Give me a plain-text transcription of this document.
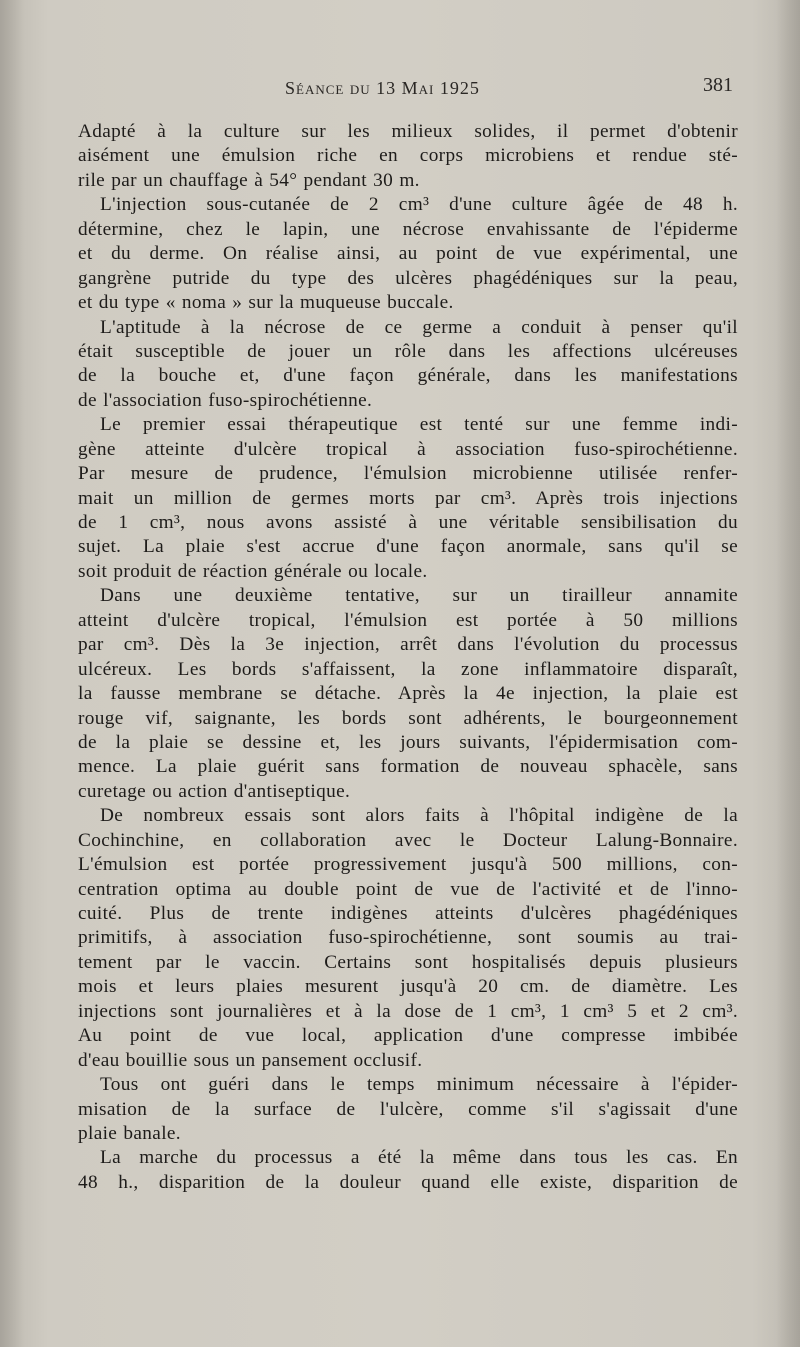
Séance du 13 Mai 1925	381
Adapté à la culture sur les milieux solides, il permet d'obtenir
aisément une émulsion riche en corps microbiens et rendue sté-
rile par un chauffage à 54° pendant 30 m.
L'injection sous-cutanée de 2 cm³ d'une culture âgée de 48 h.
détermine, chez le lapin, une nécrose envahissante de l'épiderme
et du derme. On réalise ainsi, au point de vue expérimental, une
gangrène putride du type des ulcères phagédéniques sur la peau,
et du type « noma » sur la muqueuse buccale.
L'aptitude à la nécrose de ce germe a conduit à penser qu'il
était susceptible de jouer un rôle dans les affections ulcéreuses
de la bouche et, d'une façon générale, dans les manifestations
de l'association fuso-spirochétienne.
Le premier essai thérapeutique est tenté sur une femme indi-
gène atteinte d'ulcère tropical à association fuso-spirochétienne.
Par mesure de prudence, l'émulsion microbienne utilisée renfer-
mait un million de germes morts par cm³. Après trois injections
de 1 cm³, nous avons assisté à une véritable sensibilisation du
sujet. La plaie s'est accrue d'une façon anormale, sans qu'il se
soit produit de réaction générale ou locale.
Dans une deuxième tentative, sur un tirailleur annamite
atteint d'ulcère tropical, l'émulsion est portée à 50 millions
par cm³. Dès la 3e injection, arrêt dans l'évolution du processus
ulcéreux. Les bords s'affaissent, la zone inflammatoire disparaît,
la fausse membrane se détache. Après la 4e injection, la plaie est
rouge vif, saignante, les bords sont adhérents, le bourgeonnement
de la plaie se dessine et, les jours suivants, l'épidermisation com-
mence. La plaie guérit sans formation de nouveau sphacèle, sans
curetage ou action d'antiseptique.
De nombreux essais sont alors faits à l'hôpital indigène de la
Cochinchine, en collaboration avec le Docteur Lalung-Bonnaire.
L'émulsion est portée progressivement jusqu'à 500 millions, con-
centration optima au double point de vue de l'activité et de l'inno-
cuité. Plus de trente indigènes atteints d'ulcères phagédéniques
primitifs, à association fuso-spirochétienne, sont soumis au trai-
tement par le vaccin. Certains sont hospitalisés depuis plusieurs
mois et leurs plaies mesurent jusqu'à 20 cm. de diamètre. Les
injections sont journalières et à la dose de 1 cm³, 1 cm³ 5 et 2 cm³.
Au point de vue local, application d'une compresse imbibée
d'eau bouillie sous un pansement occlusif.
Tous ont guéri dans le temps minimum nécessaire à l'épider-
misation de la surface de l'ulcère, comme s'il s'agissait d'une
plaie banale.
La marche du processus a été la même dans tous les cas. En
48 h., disparition de la douleur quand elle existe, disparition de
